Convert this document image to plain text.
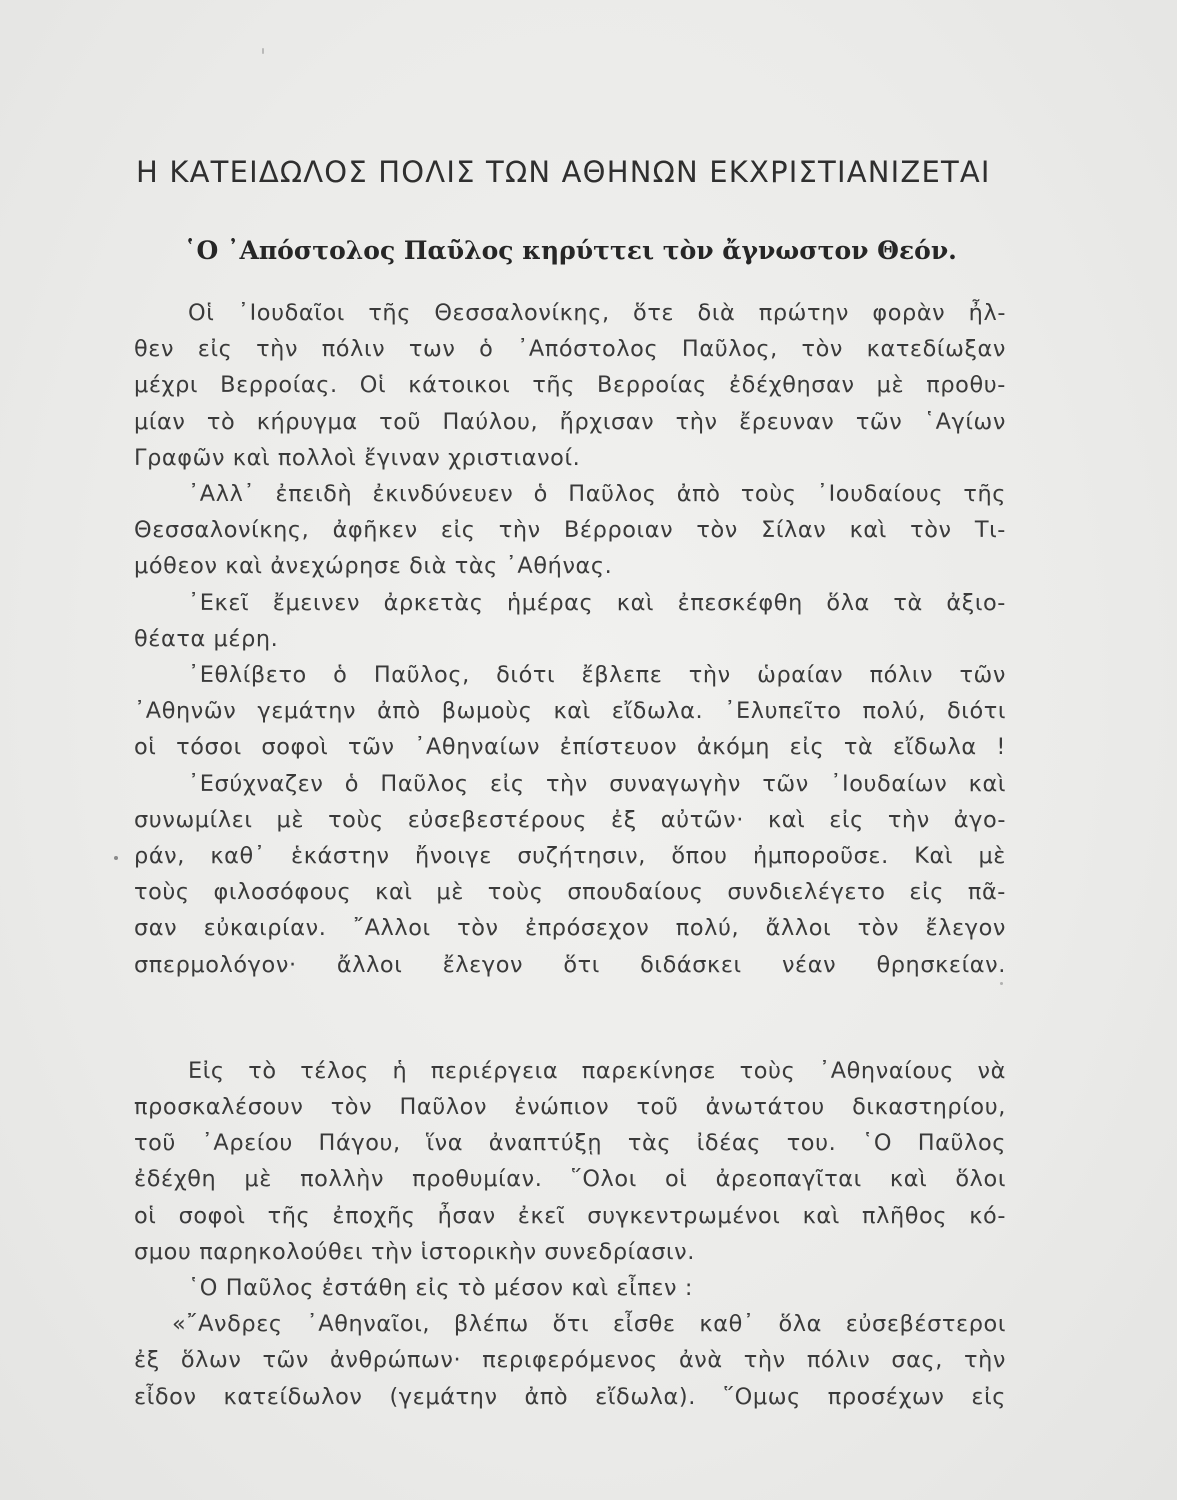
Η ΚΑΤΕΙΔΩΛΟΣ ΠΟΛΙΣ ΤΩΝ ΑΘΗΝΩΝ ΕΚΧΡΙΣΤΙΑΝΙΖΕΤΑΙ
῾Ο ᾿Απόστολος Παῦλος κηρύττει τὸν ἄγνωστον Θεόν.

Οἱ ᾿Ιουδαῖοι τῆς Θεσσαλονίκης, ὅτε διὰ πρώτην φορὰν ἦλ-

θεν εἰς τὴν πόλιν των ὁ ᾿Απόστολος Παῦλος, τὸν κατεδίωξαν

μέχρι Βερροίας. Οἱ κάτοικοι τῆς Βερροίας ἐδέχθησαν μὲ προθυ-

μίαν τὸ κήρυγμα τοῦ Παύλου, ἤρχισαν τὴν ἔρευναν τῶν ῾Αγίων

Γραφῶν καὶ πολλοὶ ἔγιναν χριστιανοί.

᾿Αλλ᾿ ἐπειδὴ ἐκινδύνευεν ὁ Παῦλος ἀπὸ τοὺς ᾿Ιουδαίους τῆς

Θεσσαλονίκης, ἀφῆκεν εἰς τὴν Βέρροιαν τὸν Σίλαν καὶ τὸν Τι-

μόθεον καὶ ἀνεχώρησε διὰ τὰς ᾿Αθήνας.

᾿Εκεῖ ἔμεινεν ἀρκετὰς ἡμέρας καὶ ἐπεσκέφθη ὅλα τὰ ἀξιο-

θέατα μέρη.

᾿Εθλίβετο ὁ Παῦλος, διότι ἔβλεπε τὴν ὡραίαν πόλιν τῶν

᾿Αθηνῶν γεμάτην ἀπὸ βωμοὺς καὶ εἴδωλα. ᾿Ελυπεῖτο πολύ, διότι

οἱ τόσοι σοφοὶ τῶν ᾿Αθηναίων ἐπίστευον ἀκόμη εἰς τὰ εἴδωλα !

᾿Εσύχναζεν ὁ Παῦλος εἰς τὴν συναγωγὴν τῶν ᾿Ιουδαίων καὶ

συνωμίλει μὲ τοὺς εὐσεβεστέρους ἐξ αὐτῶν· καὶ εἰς τὴν ἀγο-

ράν, καθ᾿ ἑκάστην ἤνοιγε συζήτησιν, ὅπου ἠμποροῦσε. Καὶ μὲ

τοὺς φιλοσόφους καὶ μὲ τοὺς σπουδαίους συνδιελέγετο εἰς πᾶ-

σαν εὐκαιρίαν. ῎Αλλοι τὸν ἐπρόσεχον πολύ, ἄλλοι τὸν ἔλεγον

σπερμολόγον· ἄλλοι ἔλεγον ὅτι διδάσκει νέαν θρησκείαν.

Εἰς τὸ τέλος ἡ περιέργεια παρεκίνησε τοὺς ᾿Αθηναίους νὰ

προσκαλέσουν τὸν Παῦλον ἐνώπιον τοῦ ἀνωτάτου δικαστηρίου,

τοῦ ᾿Αρείου Πάγου, ἵνα ἀναπτύξῃ τὰς ἰδέας του. ῾Ο Παῦλος

ἐδέχθη μὲ πολλὴν προθυμίαν. ῞Ολοι οἱ ἀρεοπαγῖται καὶ ὅλοι

οἱ σοφοὶ τῆς ἐποχῆς ἦσαν ἐκεῖ συγκεντρωμένοι καὶ πλῆθος κό-

σμου παρηκολούθει τὴν ἱστορικὴν συνεδρίασιν.

῾Ο Παῦλος ἐστάθη εἰς τὸ μέσον καὶ εἶπεν :

«῎Ανδρες ᾿Αθηναῖοι, βλέπω ὅτι εἶσθε καθ᾿ ὅλα εὐσεβέστεροι

ἐξ ὅλων τῶν ἀνθρώπων· περιφερόμενος ἀνὰ τὴν πόλιν σας, τὴν

εἶδον κατείδωλον (γεμάτην ἀπὸ εἴδωλα). ῞Ομως προσέχων εἰς
